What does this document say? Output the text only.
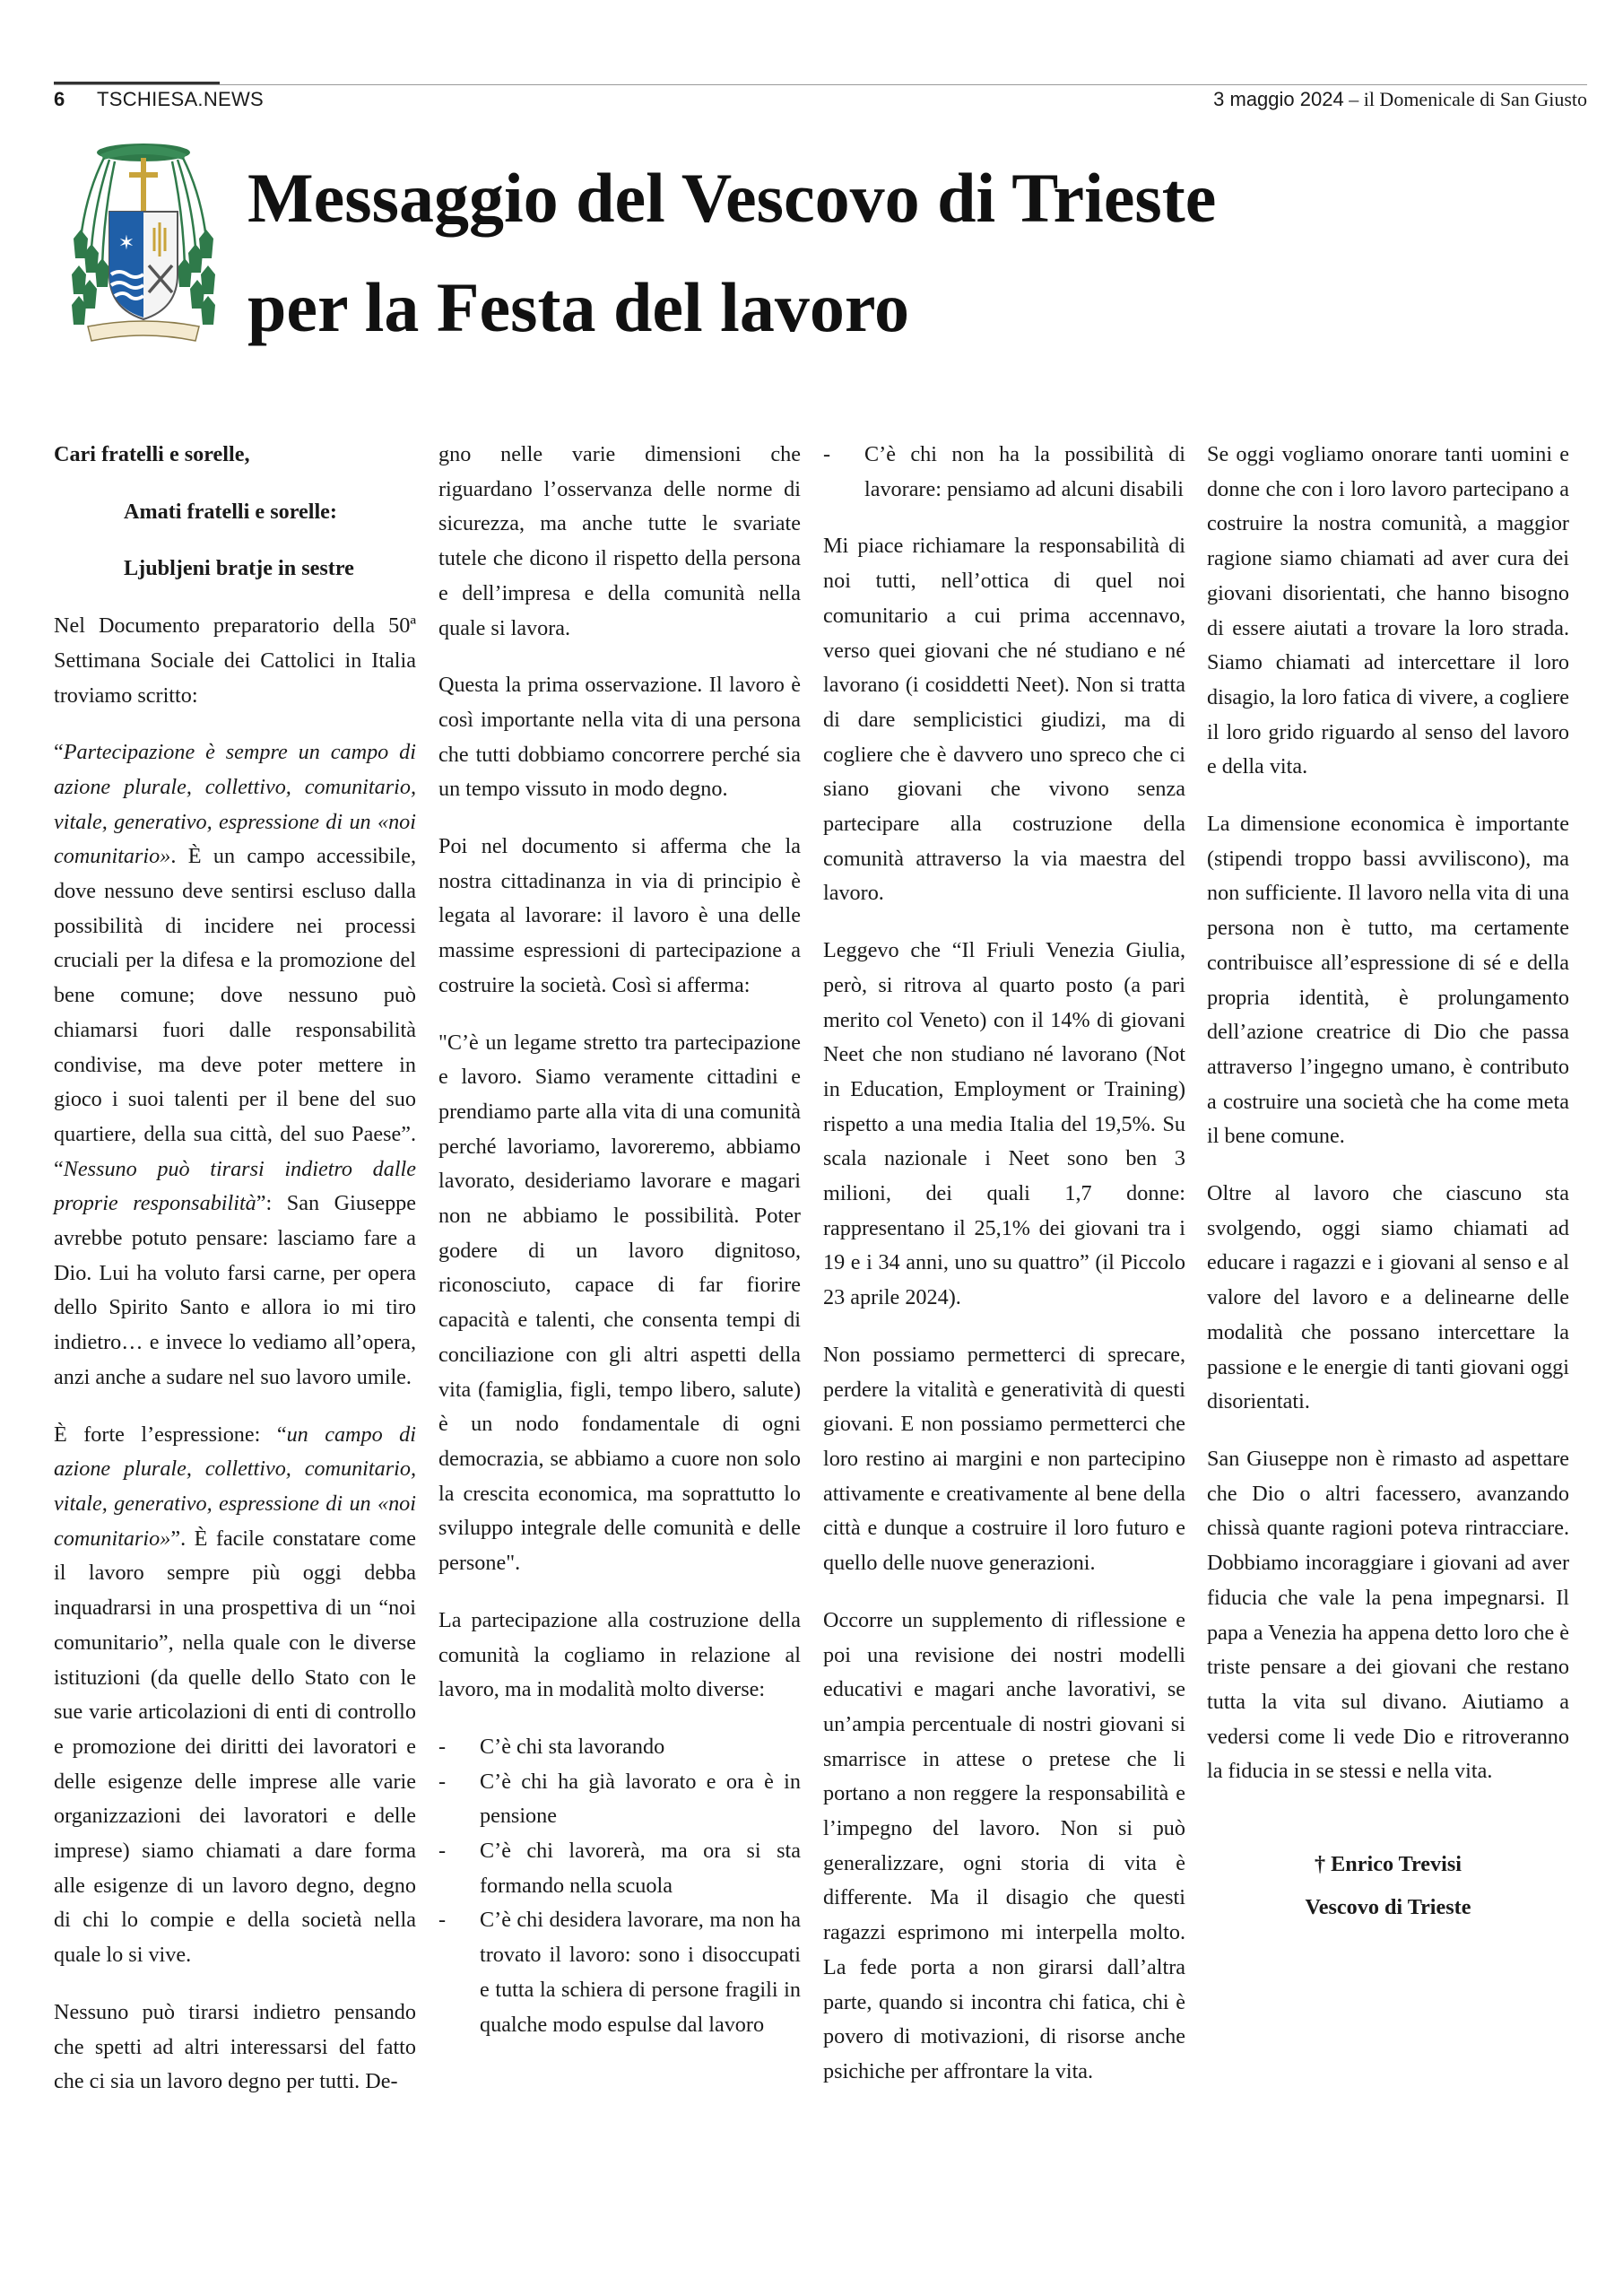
6 TSCHIESA.NEWS	3 maggio 2024 – il Domenicale di San Giusto
✶
Messaggio del Vescovo di Trieste
per la Festa del lavoro

Cari fratelli e sorelle,

Amati fratelli e sorelle:

Ljubljeni bratje in sestre

Nel Documento preparatorio della 50ª Settimana Sociale dei Cattolici in Italia troviamo scritto:

“Partecipazione è sempre un campo di azione plurale, collettivo, comunitario, vitale, generativo, espressione di un «noi comunitario». È un campo accessibile, dove nessuno deve sentirsi escluso dalla possibilità di incidere nei processi cruciali per la difesa e la promozione del bene comune; dove nessuno può chiamarsi fuori dalle responsabilità condivise, ma deve poter mettere in gioco i suoi talenti per il bene del suo quartiere, della sua città, del suo Paese”. “Nessuno può tirarsi indietro dalle proprie responsabilità”: San Giuseppe avrebbe potuto pensare: lasciamo fare a Dio. Lui ha voluto farsi carne, per opera dello Spirito Santo e allora io mi tiro indietro… e invece lo vediamo all’opera, anzi anche a sudare nel suo lavoro umile.

È forte l’espressione: “un campo di azione plurale, collettivo, comunitario, vitale, generativo, espressione di un «noi comunitario»”. È facile constatare come il lavoro sempre più oggi debba inquadrarsi in una prospettiva di un “noi comunitario”, nella quale con le diverse istituzioni (da quelle dello Stato con le sue varie articolazioni di enti di controllo e promozione dei diritti dei lavoratori e delle esigenze delle imprese alle varie organizzazioni dei lavoratori e delle imprese) siamo chiamati a dare forma alle esigenze di un lavoro degno, degno di chi lo compie e della società nella quale lo si vive.

Nessuno può tirarsi indietro pensando che spetti ad altri interessarsi del fatto che ci sia un lavoro degno per tutti. De-

gno nelle varie dimensioni che riguardano l’osservanza delle norme di sicurezza, ma anche tutte le svariate tutele che dicono il rispetto della persona e dell’impresa e della comunità nella quale si lavora.

Questa la prima osservazione. Il lavoro è così importante nella vita di una persona che tutti dobbiamo concorrere perché sia un tempo vissuto in modo degno.

Poi nel documento si afferma che la nostra cittadinanza in via di principio è legata al lavorare: il lavoro è una delle massime espressioni di partecipazione a costruire la società. Così si afferma:

"C’è un legame stretto tra partecipazione e lavoro. Siamo veramente cittadini e prendiamo parte alla vita di una comunità perché lavoriamo, lavoreremo, abbiamo lavorato, desideriamo lavorare e magari non ne abbiamo le possibilità. Poter godere di un lavoro dignitoso, riconosciuto, capace di far fiorire capacità e talenti, che consenta tempi di conciliazione con gli altri aspetti della vita (famiglia, figli, tempo libero, salute) è un nodo fondamentale di ogni democrazia, se abbiamo a cuore non solo la crescita economica, ma soprattutto lo sviluppo integrale delle comunità e delle persone".

La partecipazione alla costruzione della comunità la cogliamo in relazione al lavoro, ma in modalità molto diverse:

- C’è chi sta lavorando
- C’è chi ha già lavorato e ora è in pensione
- C’è chi lavorerà, ma ora si sta formando nella scuola
- C’è chi desidera lavorare, ma non ha trovato il lavoro: sono i disoccupati e tutta la schiera di persone fragili in qualche modo espulse dal lavoro
- C’è chi non ha la possibilità di lavorare: pensiamo ad alcuni disabili

Mi piace richiamare la responsabilità di noi tutti, nell’ottica di quel noi comunitario a cui prima accennavo, verso quei giovani che né studiano e né lavorano (i cosiddetti Neet). Non si tratta di dare semplicistici giudizi, ma di cogliere che è davvero uno spreco che ci siano giovani che vivono senza partecipare alla costruzione della comunità attraverso la via maestra del lavoro.

Leggevo che “Il Friuli Venezia Giulia, però, si ritrova al quarto posto (a pari merito col Veneto) con il 14% di giovani Neet che non studiano né lavorano (Not in Education, Employment or Training) rispetto a una media Italia del 19,5%. Su scala nazionale i Neet sono ben 3 milioni, dei quali 1,7 donne: rappresentano il 25,1% dei giovani tra i 19 e i 34 anni, uno su quattro” (il Piccolo 23 aprile 2024).

Non possiamo permetterci di sprecare, perdere la vitalità e generatività di questi giovani. E non possiamo permetterci che loro restino ai margini e non partecipino attivamente e creativamente al bene della città e dunque a costruire il loro futuro e quello delle nuove generazioni.

Occorre un supplemento di riflessione e poi una revisione dei nostri modelli educativi e magari anche lavorativi, se un’ampia percentuale di nostri giovani si smarrisce in attese o pretese che li portano a non reggere la responsabilità e l’impegno del lavoro. Non si può generalizzare, ogni storia di vita è differente. Ma il disagio che questi ragazzi esprimono mi interpella molto. La fede porta a non girarsi dall’altra parte, quando si incontra chi fatica, chi è povero di motivazioni, di risorse anche psichiche per affrontare la vita.

Se oggi vogliamo onorare tanti uomini e donne che con i loro lavoro partecipano a costruire la nostra comunità, a maggior ragione siamo chiamati ad aver cura dei giovani disorientati, che hanno bisogno di essere aiutati a trovare la loro strada. Siamo chiamati ad intercettare il loro disagio, la loro fatica di vivere, a cogliere il loro grido riguardo al senso del lavoro e della vita.

La dimensione economica è importante (stipendi troppo bassi avviliscono), ma non sufficiente. Il lavoro nella vita di una persona non è tutto, ma certamente contribuisce all’espressione di sé e della propria identità, è prolungamento dell’azione creatrice di Dio che passa attraverso l’ingegno umano, è contributo a costruire una società che ha come meta il bene comune.

Oltre al lavoro che ciascuno sta svolgendo, oggi siamo chiamati ad educare i ragazzi e i giovani al senso e al valore del lavoro e a delinearne delle modalità che possano intercettare la passione e le energie di tanti giovani oggi disorientati.

San Giuseppe non è rimasto ad aspettare che Dio o altri facessero, avanzando chissà quante ragioni poteva rintracciare. Dobbiamo incoraggiare i giovani ad aver fiducia che vale la pena impegnarsi. Il papa a Venezia ha appena detto loro che è triste pensare a dei giovani che restano tutta la vita sul divano. Aiutiamo a vedersi come li vede Dio e ritroveranno la fiducia in se stessi e nella vita.

† Enrico Trevisi
Vescovo di Trieste
